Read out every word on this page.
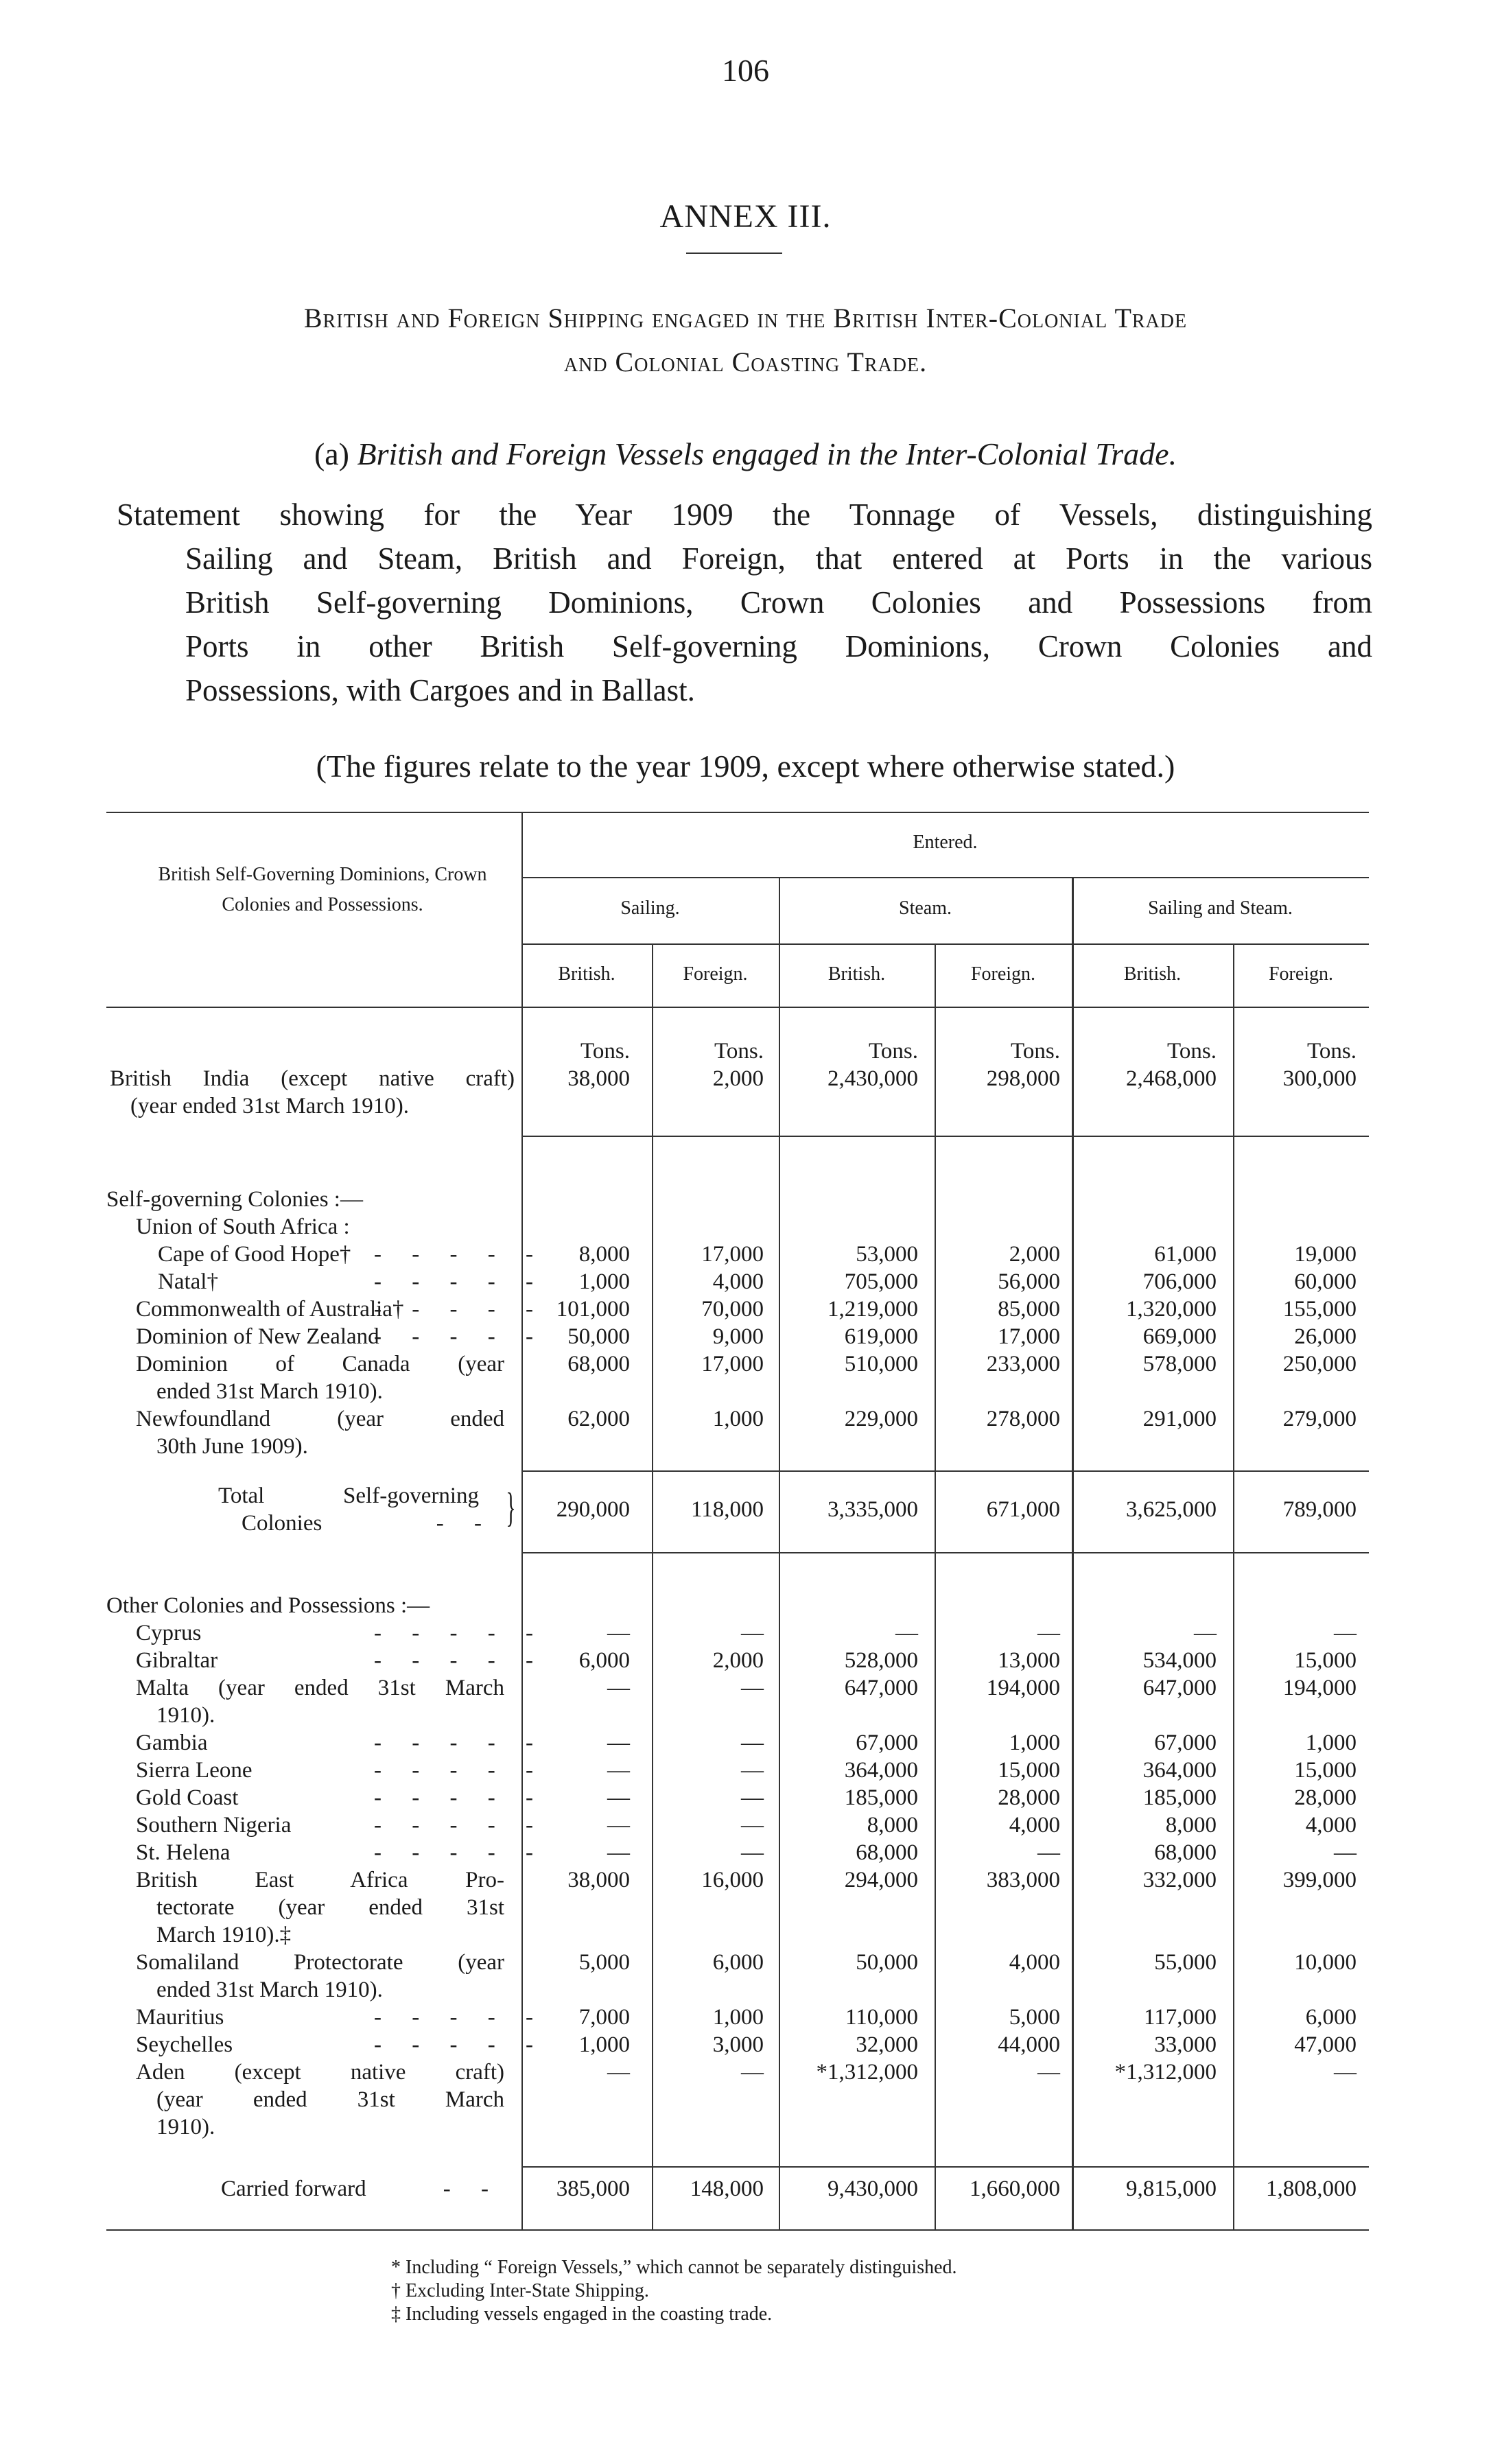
106
ANNEX III.
British and Foreign Shipping engaged in the British Inter-Colonial Trade
and Colonial Coasting Trade.
(a) British and Foreign Vessels engaged in the Inter-Colonial Trade.

Statement showing for the Year 1909 the Tonnage of Vessels, distinguishing

Sailing and Steam, British and Foreign, that entered at Ports in the various

British Self-governing Dominions, Crown Colonies and Possessions from

Ports in other British Self-governing Dominions, Crown Colonies and

Possessions, with Cargoes and in Ballast.

(The figures relate to the year 1909, except where otherwise stated.)
British Self-Governing Dominions, Crown Colonies and Possessions.
Entered.
Sailing.	Steam.	Sailing and Steam.
British.	Foreign.	British.	Foreign.	British.	Foreign.
Tons.	Tons.	Tons.	Tons.	Tons.	Tons.
British India (except native craft)
(year ended 31st March 1910).
38,000	2,000	2,430,000	298,000	2,468,000	300,000
Self-governing Colonies :—
Union of South Africa :
Cape of Good Hope†	- - - - -	8,000	17,000	53,000	2,000	61,000	19,000
Natal†	- - - - -	1,000	4,000	705,000	56,000	706,000	60,000
Commonwealth of Australia†
- - - - - 101,000	70,000	1,219,000	85,000	1,320,000	155,000
Dominion of New Zealand
- - - - - 50,000	9,000	619,000	17,000	669,000	26,000
Dominion of Canada (year
ended 31st March 1910).
68,000	17,000	510,000	233,000	578,000	250,000
Newfoundland (year ended
30th June 1909).
62,000	1,000	229,000	278,000	291,000	279,000
Total Self-governing
Colonies	- - }	290,000	118,000	3,335,000	671,000	3,625,000	789,000
Other Colonies and Possessions :—
Cyprus	- - - - -	—	—	—	—	—	—
Gibraltar	- - - - -	6,000	2,000	528,000	13,000	534,000	15,000
Malta (year ended 31st March
1910).
—	—	647,000	194,000	647,000	194,000
Gambia	- - - - -	—	—	67,000	1,000	67,000	1,000
Sierra Leone	- - - - -	—	—	364,000	15,000	364,000	15,000
Gold Coast	- - - - -	—	—	185,000	28,000	185,000	28,000
Southern Nigeria	- - - - -	—	—	8,000	4,000	8,000	4,000
St. Helena	- - - - -	—	—	68,000	—	68,000	—
British East Africa Pro-
tectorate (year ended 31st
March 1910).‡
38,000	16,000	294,000	383,000	332,000	399,000
Somaliland Protectorate (year
ended 31st March 1910).
5,000	6,000	50,000	4,000	55,000	10,000
Mauritius	- - - - -	7,000	1,000	110,000	5,000	117,000	6,000
Seychelles	- - - - -	1,000	3,000	32,000	44,000	33,000	47,000
Aden (except native craft)
(year ended 31st March
1910).
—	—	*1,312,000	—	*1,312,000	—
Carried forward	- -	385,000	148,000	9,430,000	1,660,000	9,815,000	1,808,000
* Including “ Foreign Vessels,” which cannot be separately distinguished.
† Excluding Inter-State Shipping.
‡ Including vessels engaged in the coasting trade.
